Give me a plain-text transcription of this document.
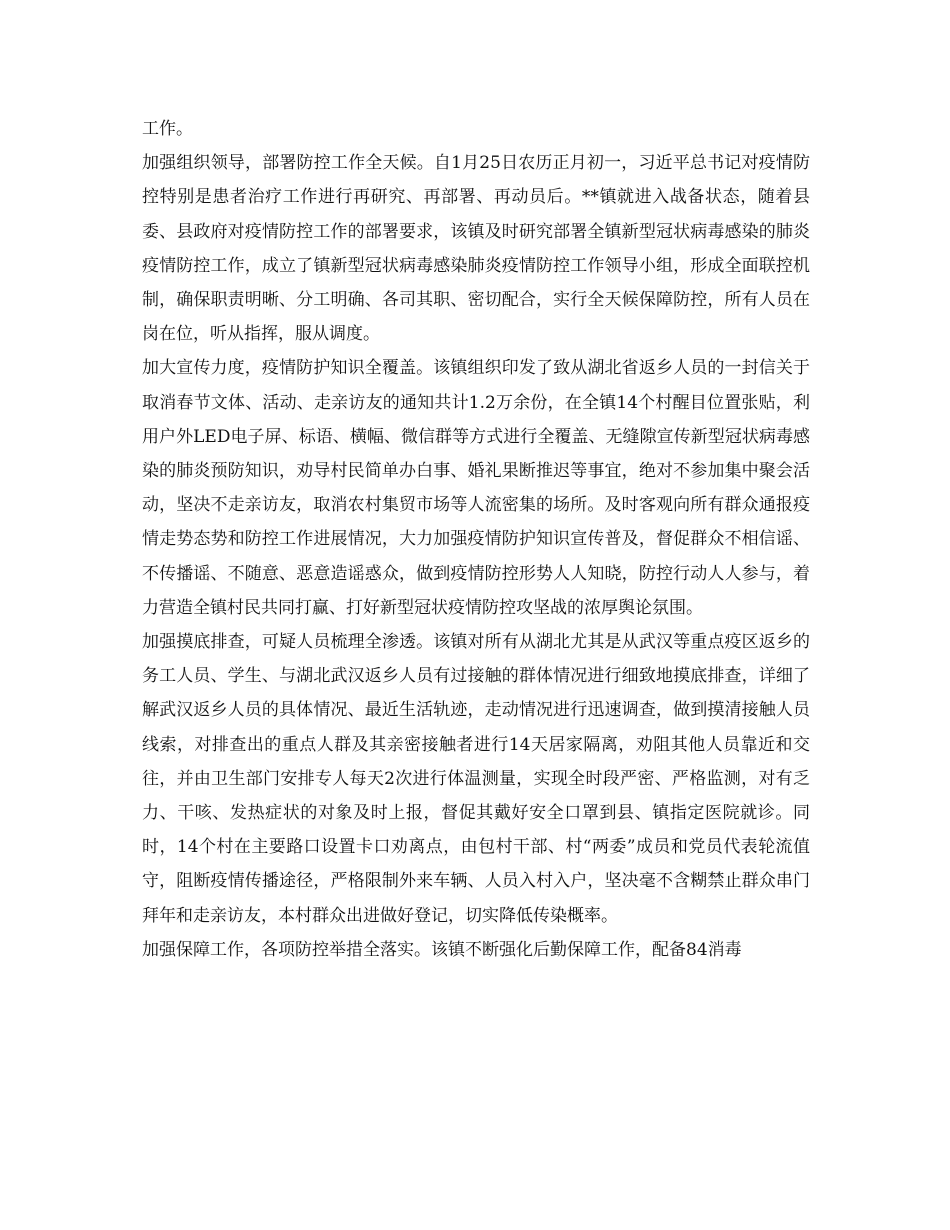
工作。

加强组织领导，部署防控工作全天候。自1月25日农历正月初一，习近平总书记对疫情防控特别是患者治疗工作进行再研究、再部署、再动员后。**镇就进入战备状态，随着县委、县政府对疫情防控工作的部署要求，该镇及时研究部署全镇新型冠状病毒感染的肺炎疫情防控工作，成立了镇新型冠状病毒感染肺炎疫情防控工作领导小组，形成全面联控机制，确保职责明晰、分工明确、各司其职、密切配合，实行全天候保障防控，所有人员在岗在位，听从指挥，服从调度。

加大宣传力度，疫情防护知识全覆盖。该镇组织印发了致从湖北省返乡人员的一封信关于取消春节文体、活动、走亲访友的通知共计1.2万余份，在全镇14个村醒目位置张贴，利用户外LED电子屏、标语、横幅、微信群等方式进行全覆盖、无缝隙宣传新型冠状病毒感染的肺炎预防知识，劝导村民简单办白事、婚礼果断推迟等事宜，绝对不参加集中聚会活动，坚决不走亲访友，取消农村集贸市场等人流密集的场所。及时客观向所有群众通报疫情走势态势和防控工作进展情况，大力加强疫情防护知识宣传普及，督促群众不相信谣、不传播谣、不随意、恶意造谣惑众，做到疫情防控形势人人知晓，防控行动人人参与，着力营造全镇村民共同打赢、打好新型冠状疫情防控攻坚战的浓厚舆论氛围。

加强摸底排查，可疑人员梳理全渗透。该镇对所有从湖北尤其是从武汉等重点疫区返乡的务工人员、学生、与湖北武汉返乡人员有过接触的群体情况进行细致地摸底排查，详细了解武汉返乡人员的具体情况、最近生活轨迹，走动情况进行迅速调查，做到摸清接触人员线索，对排查出的重点人群及其亲密接触者进行14天居家隔离，劝阻其他人员靠近和交往，并由卫生部门安排专人每天2次进行体温测量，实现全时段严密、严格监测，对有乏力、干咳、发热症状的对象及时上报，督促其戴好安全口罩到县、镇指定医院就诊。同时，14个村在主要路口设置卡口劝离点，由包村干部、村“两委”成员和党员代表轮流值守，阻断疫情传播途径，严格限制外来车辆、人员入村入户，坚决毫不含糊禁止群众串门拜年和走亲访友，本村群众出进做好登记，切实降低传染概率。

加强保障工作，各项防控举措全落实。该镇不断强化后勤保障工作，配备84消毒
